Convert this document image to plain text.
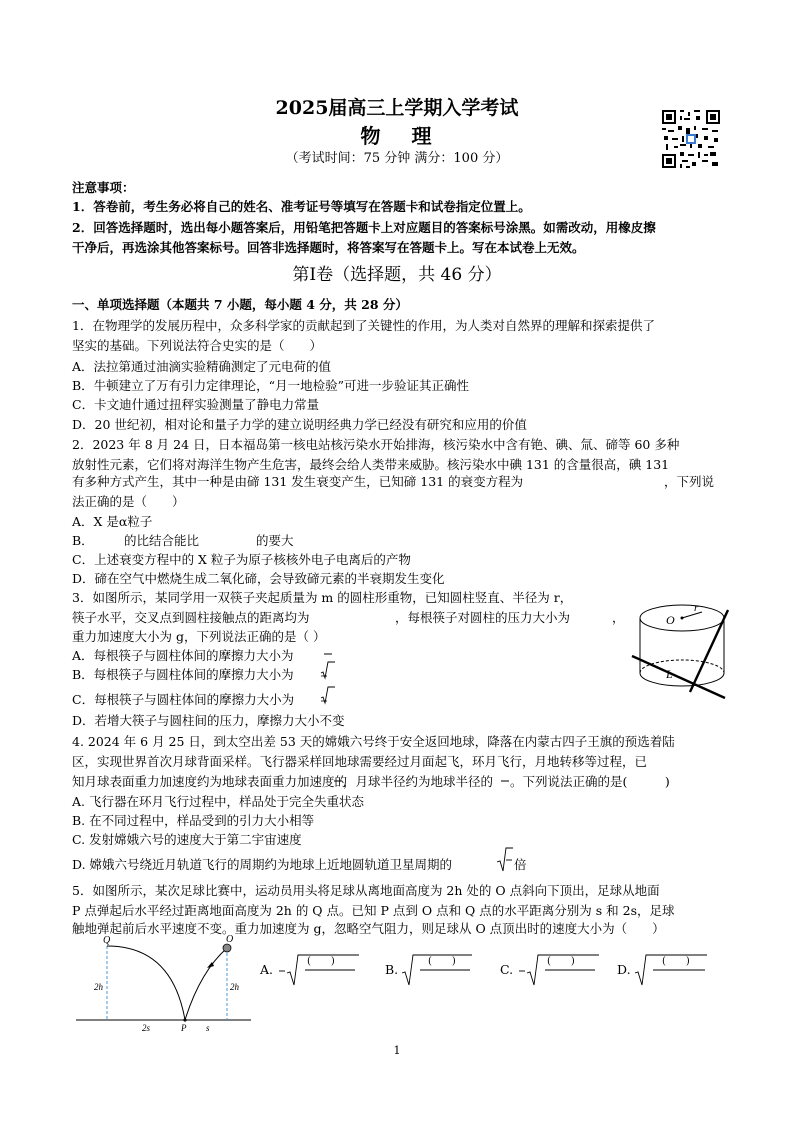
2025届高三上学期入学考试
物 理
（考试时间：75 分钟 满分：100 分）
注意事项：
1．答卷前，考生务必将自己的姓名、准考证号等填写在答题卡和试卷指定位置上。
2．回答选择题时，选出每小题答案后，用铅笔把答题卡上对应题目的答案标号涂黑。如需改动，用橡皮擦
干净后，再选涂其他答案标号。回答非选择题时，将答案写在答题卡上。写在本试卷上无效。
第Ⅰ卷（选择题，共 46 分）
一、单项选择题（本题共 7 小题，每小题 4 分，共 28 分）
1．在物理学的发展历程中，众多科学家的贡献起到了关键性的作用，为人类对自然界的理解和探索提供了
坚实的基础。下列说法符合史实的是（　　）
A．法拉第通过油滴实验精确测定了元电荷的值
B．牛顿建立了万有引力定律理论，“月一地检验”可进一步验证其正确性
C．卡文迪什通过扭秤实验测量了静电力常量
D．20 世纪初，相对论和量子力学的建立说明经典力学已经没有研究和应用的价值
2．2023 年 8 月 24 日，日本福岛第一核电站核污染水开始排海，核污染水中含有铯、碘、氚、碲等 60 多种
放射性元素，它们将对海洋生物产生危害，最终会给人类带来威胁。核污染水中碘 131 的含量很高，碘 131
有多种方式产生，其中一种是由碲 131 发生衰变产生，已知碲 131 的衰变方程为	，下列说
法正确的是（　　）
A．X 是α粒子
B． 的比结合能比	的要大
C．上述衰变方程中的 X 粒子为原子核核外电子电离后的产物
D．碲在空气中燃烧生成二氧化碲，会导致碲元素的半衰期发生变化
3．如图所示，某同学用一双筷子夹起质量为 m 的圆柱形重物，已知圆柱竖直、半径为 r，
筷子水平，交叉点到圆柱接触点的距离均为	，每根筷子对圆柱的压力大小为	，
重力加速度大小为 g，下列说法正确的是（ ）
A．每根筷子与圆柱体间的摩擦力大小为
B．每根筷子与圆柱体间的摩擦力大小为
C．每根筷子与圆柱体间的摩擦力大小为
D．若增大筷子与圆柱间的压力，摩擦力大小不变
O
r
L
4. 2024 年 6 月 25 日，到太空出差 53 天的嫦娥六号终于安全返回地球，降落在内蒙古四子王旗的预选着陆
区，实现世界首次月球背面采样。飞行器采样回地球需要经过月面起飞，环月飞行，月地转移等过程，已
知月球表面重力加速度约为地球表面重力加速度的
，月球半径约为地球半径的 。下列说法正确的是(　　　)
A. 飞行器在环月飞行过程中，样品处于完全失重状态
B. 在不同过程中，样品受到的引力大小相等
C. 发射嫦娥六号的速度大于第二宇宙速度
D. 嫦娥六号绕近月轨道飞行的周期约为地球上近地圆轨道卫星周期的	倍
5．如图所示，某次足球比赛中，运动员用头将足球从离地面高度为 2h 处的 O 点斜向下顶出，足球从地面
P 点弹起后水平经过距离地面高度为 2h 的 Q 点。已知 P 点到 O 点和 Q 点的水平距离分别为 s 和 2s，足球
触地弹起前后水平速度不变。重力加速度为 g，忽略空气阻力，则足球从 O 点顶出时的速度大小为（　　）
Q	O
2h	2h
2s	P s
A.
(　　)
B.
(　　)
C.
(　　)
D.
(　　)
1
